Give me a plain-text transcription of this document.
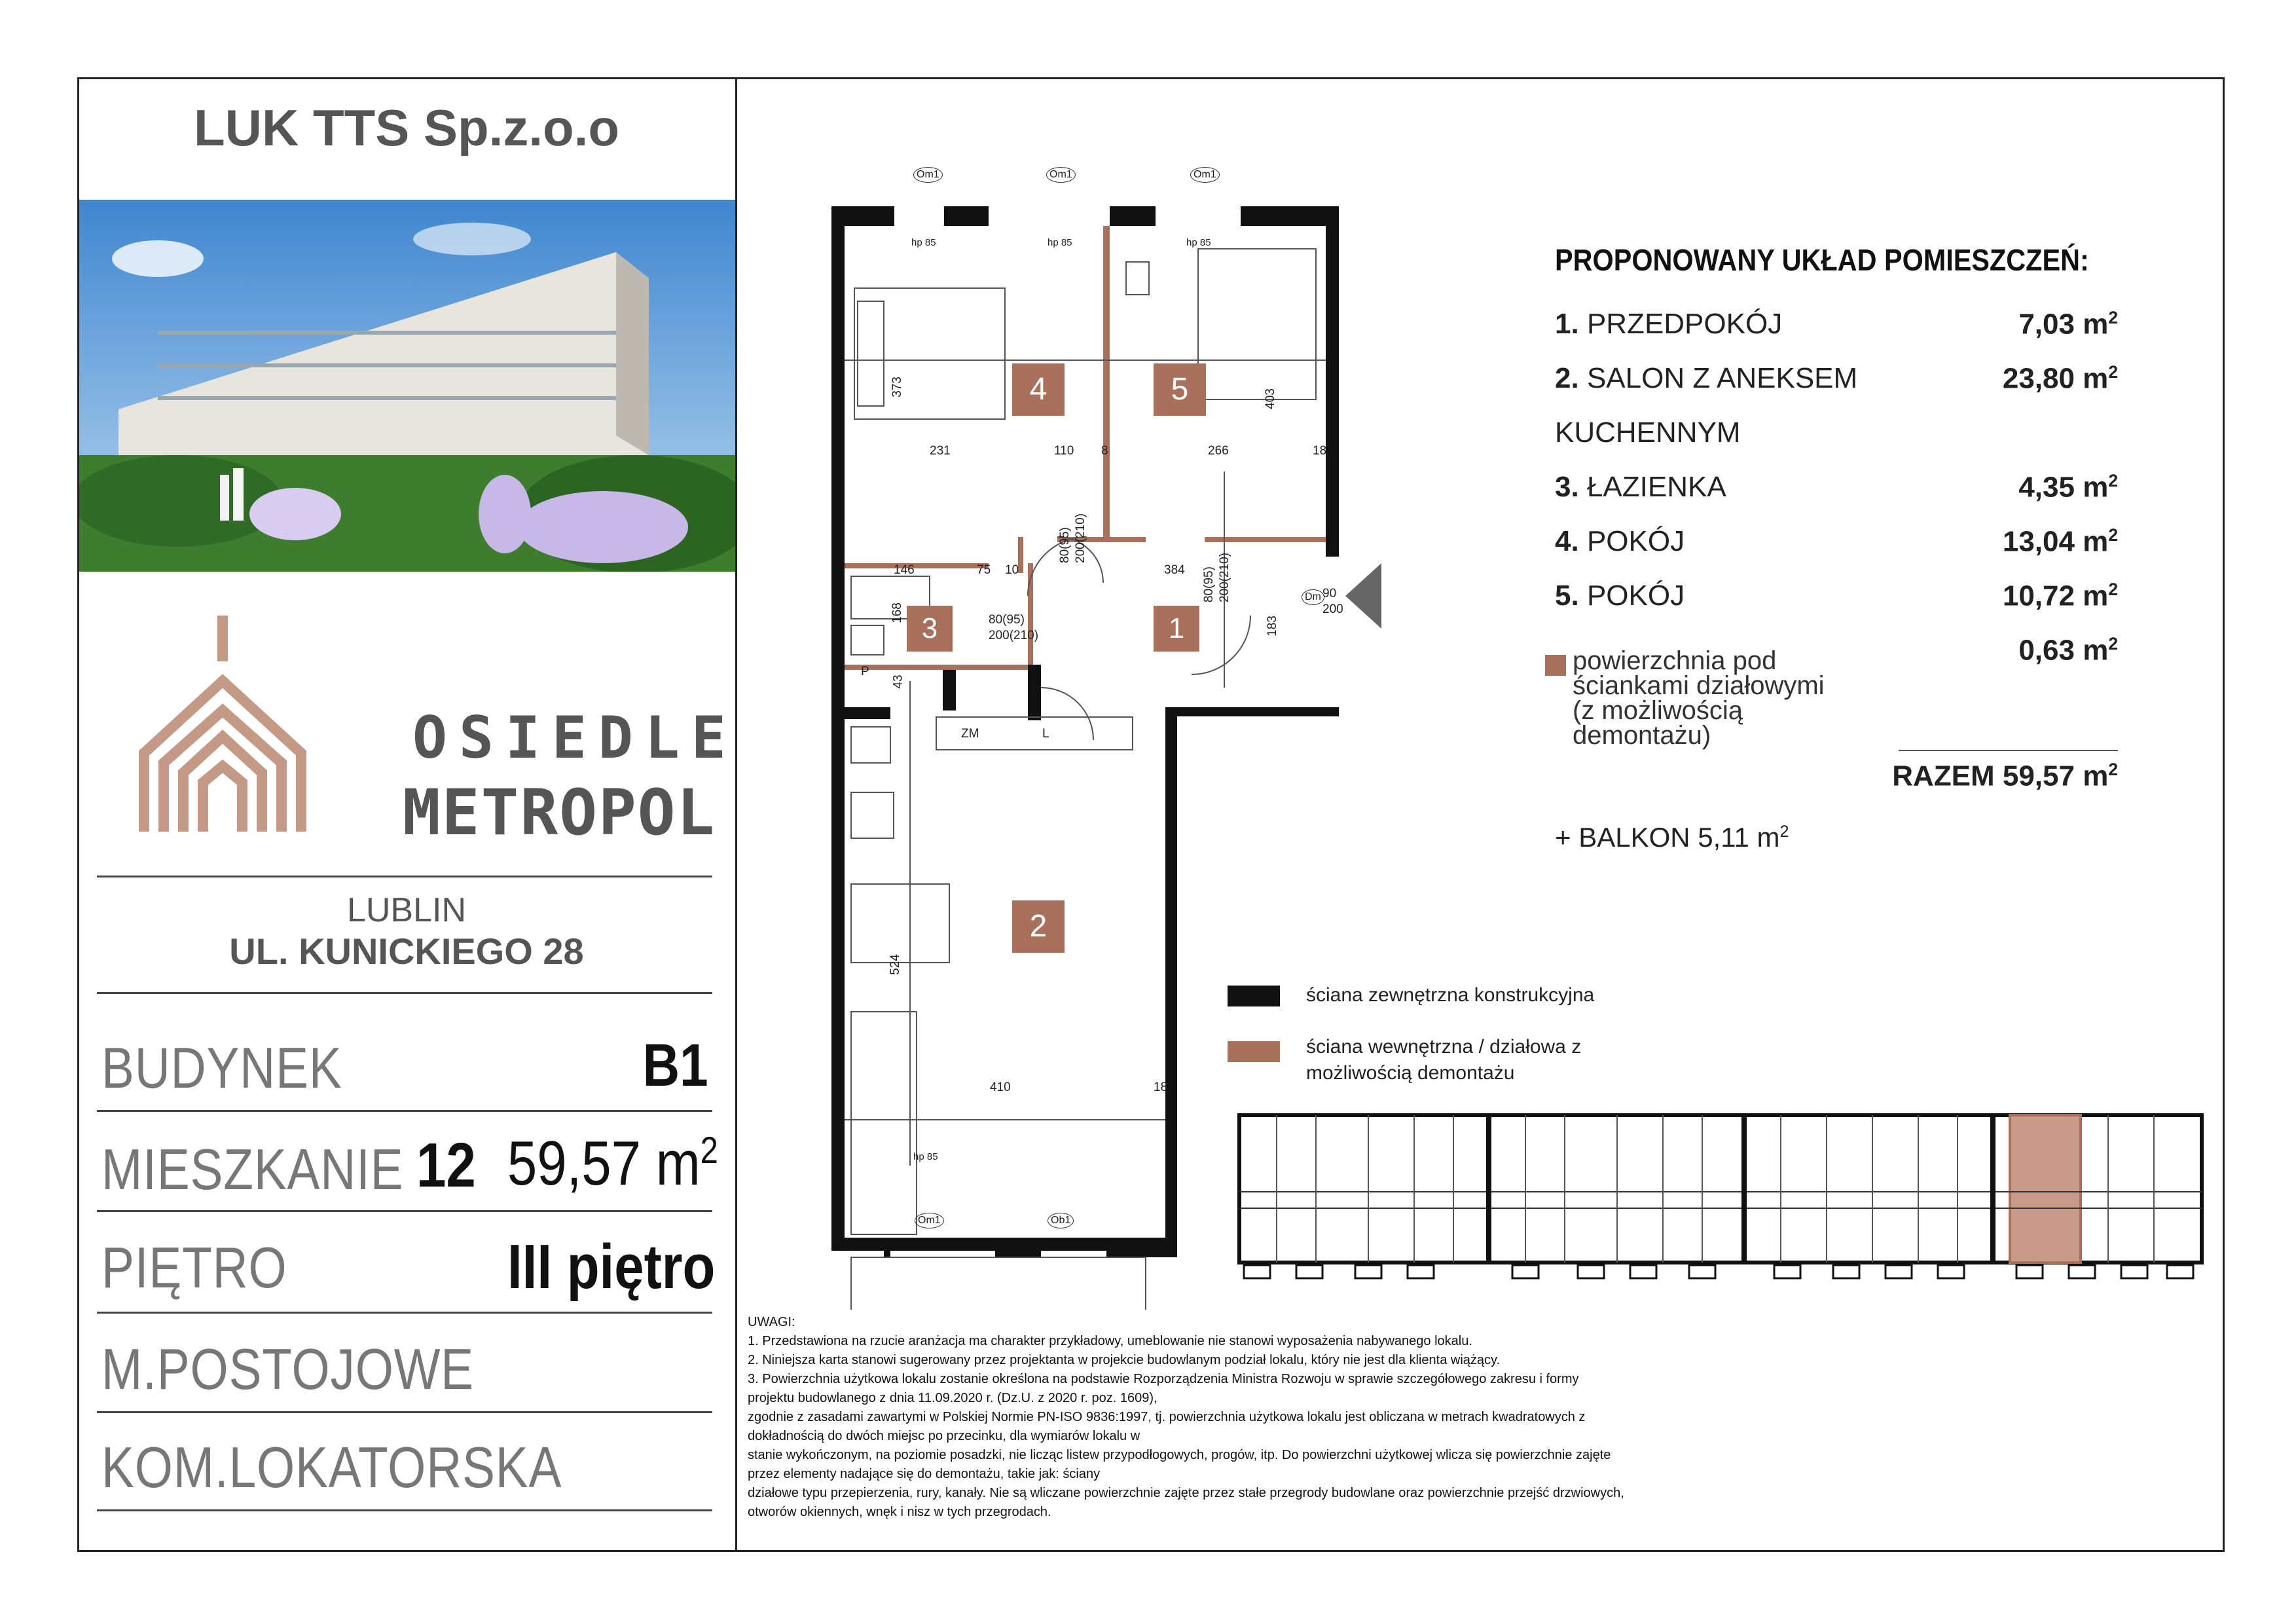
LUK TTS Sp.z.o.o
OSIEDLE
METROPOL
LUBLIN
UL. KUNICKIEGO 28
BUDYNEK	B1
MIESZKANIE 12 59,57 $m^2$
PIĘTRO	III piętro
M.POSTOJOWE
KOM.LOKATORSKA
4	5
3	1
2
231	110 8	266	18
373
403
146	75 10	384
168
43
183
410	18
524
80(95)
200(210)
80(95) 200(210)
80(95) 200(210)	90
200
ZM	L
P
Om1	Om1	Om1
Om1	Ob1
Dm
hp 85	hp 85	hp 85
hp 85
PROPONOWANY UKŁAD POMIESZCZEŃ:
1. PRZEDPOKÓJ	7,03 $m^2$
2. SALON Z ANEKSEM	23,80 $m^2$
KUCHENNYM
3. ŁAZIENKA	4,35 $m^2$
4. POKÓJ	13,04 $m^2$
5. POKÓJ	10,72 $m^2$
powierzchnia pod
ściankami działowymi
(z możliwością
demontażu)
0,63 $m^2$
RAZEM 59,57 $m^2$
+ BALKON 5,11 $m^2$
ściana zewnętrzna konstrukcyjna
ściana wewnętrzna / działowa z
możliwością demontażu
UWAGI:
1. Przedstawiona na rzucie aranżacja ma charakter przykładowy, umeblowanie nie stanowi wyposażenia nabywanego lokalu.
2. Niniejsza karta stanowi sugerowany przez projektanta w projekcie budowlanym podział lokalu, który nie jest dla klienta wiążący.
3. Powierzchnia użytkowa lokalu zostanie określona na podstawie Rozporządzenia Ministra Rozwoju w sprawie szczegółowego zakresu i formy
projektu budowlanego z dnia 11.09.2020 r. (Dz.U. z 2020 r. poz. 1609),
zgodnie z zasadami zawartymi w Polskiej Normie PN-ISO 9836:1997, tj. powierzchnia użytkowa lokalu jest obliczana w metrach kwadratowych z
dokładnością do dwóch miejsc po przecinku, dla wymiarów lokalu w
stanie wykończonym, na poziomie posadzki, nie licząc listew przypodłogowych, progów, itp. Do powierzchni użytkowej wlicza się powierzchnie zajęte
przez elementy nadające się do demontażu, takie jak: ściany
działowe typu przepierzenia, rury, kanały. Nie są wliczane powierzchnie zajęte przez stałe przegrody budowlane oraz powierzchnie przejść drzwiowych,
otworów okiennych, wnęk i nisz w tych przegrodach.
